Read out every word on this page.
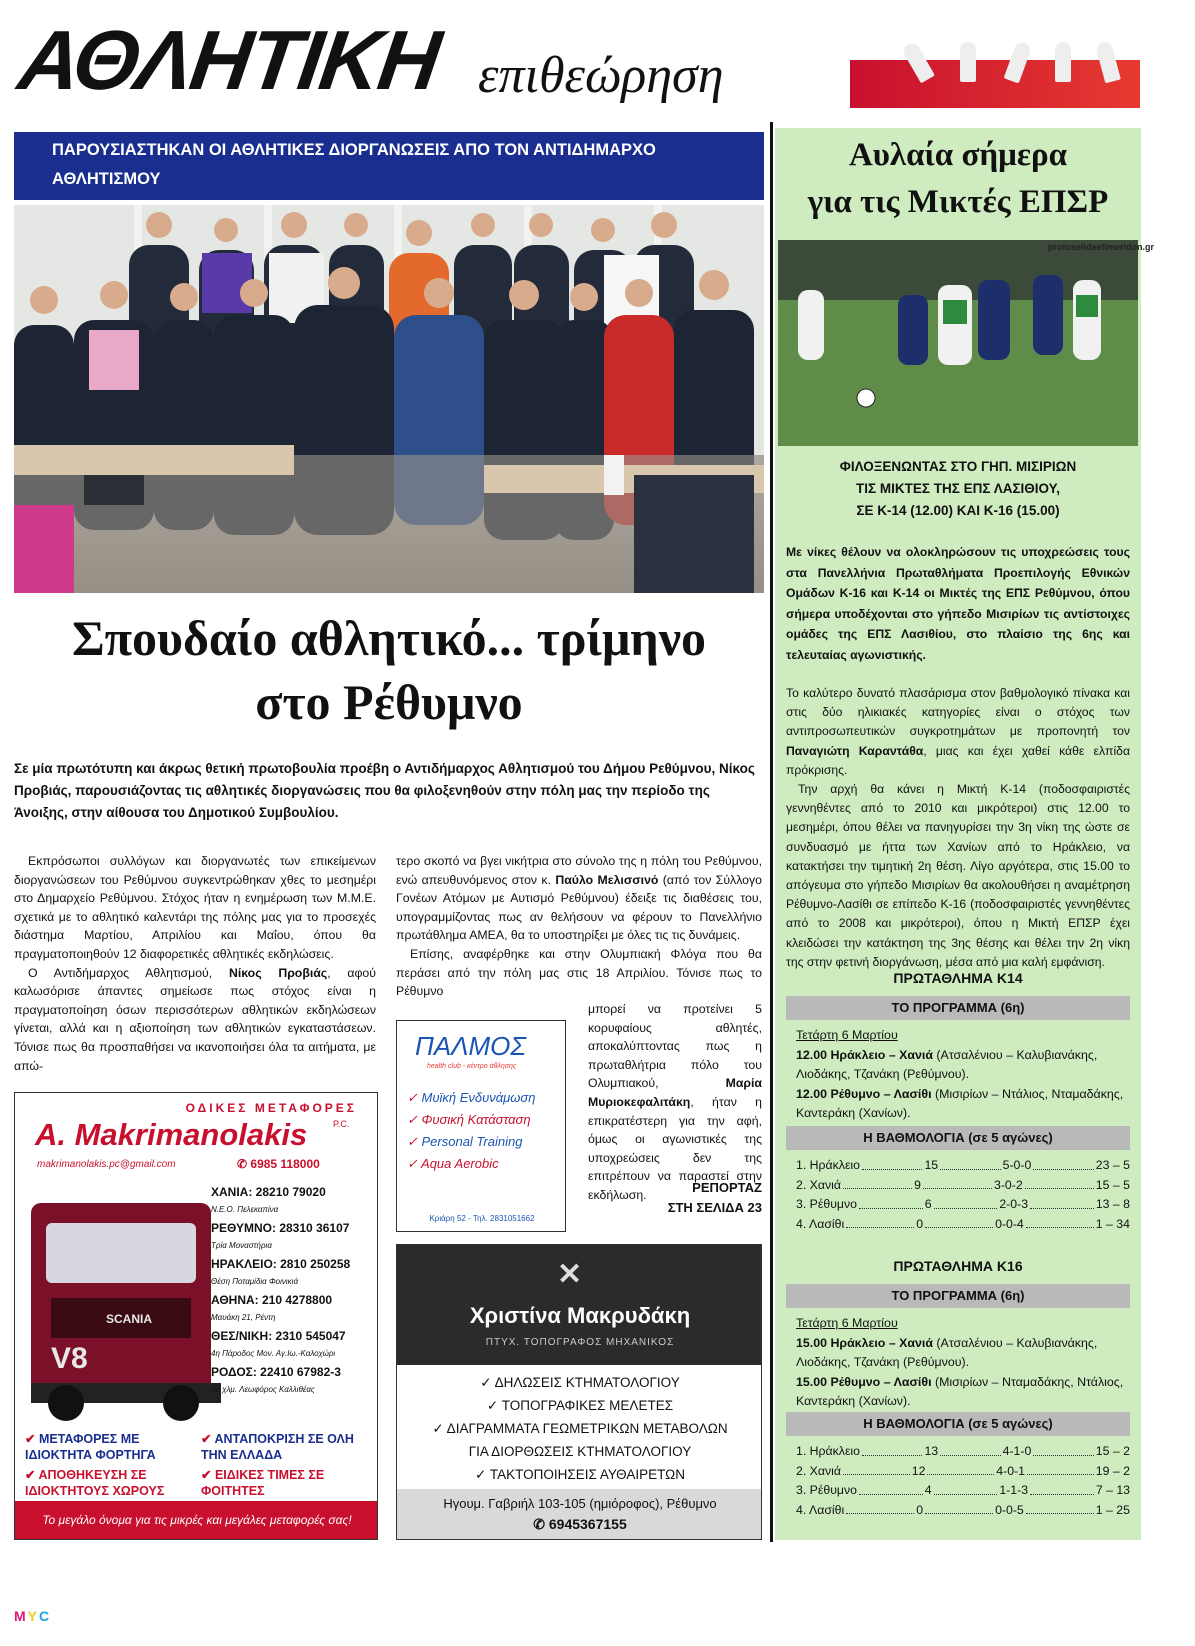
ΑΘΛΗΤΙΚΗ επιθεώρηση
ΠΑΡΟΥΣΙΑΣΤΗΚΑΝ ΟΙ ΑΘΛΗΤΙΚΕΣ ΔΙΟΡΓΑΝΩΣΕΙΣ ΑΠΟ ΤΟΝ ΑΝΤΙΔΗΜΑΡΧΟ ΑΘΛΗΤΙΣΜΟΥ
Σπουδαίο αθλητικό... τρίμηνο
στο Ρέθυμνο
Σε μία πρωτότυπη και άκρως θετική πρωτοβουλία προέβη ο Αντιδήμαρχος Αθλητισμού του Δήμου Ρεθύμνου, Νίκος Προβιάς, παρουσιάζοντας τις αθλητικές διοργανώσεις που θα φιλοξενηθούν στην πόλη μας την περίοδο της Άνοιξης, στην αίθουσα του Δημοτικού Συμβουλίου.
Εκπρόσωποι συλλόγων και διοργανωτές των επικείμενων διοργανώσεων του Ρεθύμνου συγκεντρώθηκαν χθες το μεσημέρι στο Δημαρχείο Ρεθύμνου. Στόχος ήταν η ενημέρωση των Μ.Μ.Ε. σχετικά με το αθλητικό καλεντάρι της πόλης μας για το προσεχές διάστημα Μαρτίου, Απριλίου και Μαΐου, όπου θα πραγματοποιηθούν 12 διαφορετικές αθλητικές εκδηλώσεις.
Ο Αντιδήμαρχος Αθλητισμού, Νίκος Προβιάς, αφού καλωσόρισε άπαντες σημείωσε πως στόχος είναι η πραγματοποίηση όσων περισσότερων αθλητικών εκδηλώσεων γίνεται, αλλά και η αξιοποίηση των αθλητικών εγκαταστάσεων. Τόνισε πως θα προσπαθήσει να ικανοποιήσει όλα τα αιτήματα, με απώ-
τερο σκοπό να βγει νικήτρια στο σύνολο της η πόλη του Ρεθύμνου, ενώ απευθυνόμενος στον κ. Παύλο Μελισσινό (από τον Σύλλογο Γονέων Ατόμων με Αυτισμό Ρεθύμνου) έδειξε τις διαθέσεις του, υπογραμμίζοντας πως αν θελήσουν να φέρουν το Πανελλήνιο πρωτάθλημα ΑΜΕΑ, θα το υποστηρίξει με όλες τις τις δυνάμεις.
Επίσης, αναφέρθηκε και στην Ολυμπιακή Φλόγα που θα περάσει από την πόλη μας στις 18 Απριλίου. Τόνισε πως το Ρέθυμνο
μπορεί να προτείνει 5 κορυφαίους αθλητές, αποκαλύπτοντας πως η πρωταθλήτρια πόλο του Ολυμπιακού, Μαρία Μυριοκεφαλιτάκη, ήταν η επικρατέστερη για την αφή, όμως οι αγωνιστικές της υποχρεώσεις δεν της επιτρέπουν να παραστεί στην εκδήλωση.	ΡΕΠΟΡΤΑΖ
ΣΤΗ ΣΕΛΙΔΑ 23
ΟΔΙΚΕΣ ΜΕΤΑΦΟΡΕΣ
A. Makrimanolakis	P.C.
makrimanolakis.pc@gmail.com	✆ 6985 118000
SCANIA
V8
ΧΑΝΙΑ: 28210 79020
Ν.Ε.Ο. Πελεκαπίνα
ΡΕΘΥΜΝΟ: 28310 36107
Τρία Μοναστήρια
ΗΡΑΚΛΕΙΟ: 2810 250258
Θέση Ποταμίδια Φοινικιά
ΑΘΗΝΑ: 210 4278800
Μαυάκη 21, Ρέντη
ΘΕΣ/ΝΙΚΗ: 2310 545047
4η Πάροδος Μον. Αγ.Ιω.-Καλοχώρι
ΡΟΔΟΣ: 22410 67982-3
3ο χλμ. Λεωφόρος Καλλιθέας
✔ ΜΕΤΑΦΟΡΕΣ ΜΕ ΙΔΙΟΚΤΗΤΑ ΦΟΡΤΗΓΑ
✔ ΑΝΤΑΠΟΚΡΙΣΗ ΣΕ ΟΛΗ ΤΗΝ ΕΛΛΑΔΑ
✔ ΑΠΟΘΗΚΕΥΣΗ ΣΕ ΙΔΙΟΚΤΗΤΟΥΣ ΧΩΡΟΥΣ
✔ ΕΙΔΙΚΕΣ ΤΙΜΕΣ ΣΕ ΦΟΙΤΗΤΕΣ
Το μεγάλο όνομα για τις μικρές και μεγάλες μεταφορές σας!
ΠΑΛΜΟΣ
health club - κέντρο άθλησης
✓ Μυϊκή Ενδυνάμωση
✓ Φυσική Κατάσταση
✓ Personal Training
✓ Aqua Aerobic
Κριάρη 52 - Τηλ. 2831051662
✕
Χριστίνα Μακρυδάκη
ΠΤΥΧ. ΤΟΠΟΓΡΑΦΟΣ ΜΗΧΑΝΙΚΟΣ
✓ ΔΗΛΩΣΕΙΣ ΚΤΗΜΑΤΟΛΟΓΙΟΥ
✓ ΤΟΠΟΓΡΑΦΙΚΕΣ ΜΕΛΕΤΕΣ
✓ ΔΙΑΓΡΑΜΜΑΤΑ ΓΕΩΜΕΤΡΙΚΩΝ ΜΕΤΑΒΟΛΩΝ
ΓΙΑ ΔΙΟΡΘΩΣΕΙΣ ΚΤΗΜΑΤΟΛΟΓΙΟΥ
✓ ΤΑΚΤΟΠΟΙΗΣΕΙΣ ΑΥΘΑΙΡΕΤΩΝ
Ηγουμ. Γαβριήλ 103-105 (ημιόροφος), Ρέθυμνο
✆ 6945367155
Αυλαία σήμερα
για τις Μικτές ΕΠΣΡ
protoselidaefimeridon.gr
ΦΙΛΟΞΕΝΩΝΤΑΣ ΣΤΟ ΓΗΠ. ΜΙΣΙΡΙΩΝ
ΤΙΣ ΜΙΚΤΕΣ ΤΗΣ ΕΠΣ ΛΑΣΙΘΙΟΥ,
ΣΕ Κ-14 (12.00) ΚΑΙ Κ-16 (15.00)
Με νίκες θέλουν να ολοκληρώσουν τις υποχρεώσεις τους στα Πανελλήνια Πρωταθλήματα Προεπιλογής Εθνικών Ομάδων Κ-16 και Κ-14 οι Μικτές της ΕΠΣ Ρεθύμνου, όπου σήμερα υποδέχονται στο γήπεδο Μισιρίων τις αντίστοιχες ομάδες της ΕΠΣ Λασιθίου, στο πλαίσιο της 6ης και τελευταίας αγωνιστικής.
Το καλύτερο δυνατό πλασάρισμα στον βαθμολογικό πίνακα και στις δύο ηλικιακές κατηγορίες είναι ο στόχος των αντιπροσωπευτικών συγκροτημάτων με προπονητή τον Παναγιώτη Καραντάθα, μιας και έχει χαθεί κάθε ελπίδα πρόκρισης.
Την αρχή θα κάνει η Μικτή Κ-14 (ποδοσφαιριστές γεννηθέντες από το 2010 και μικρότεροι) στις 12.00 το μεσημέρι, όπου θέλει να πανηγυρίσει την 3η νίκη της ώστε σε συνδυασμό με ήττα των Χανίων από το Ηράκλειο, να κατακτήσει την τιμητική 2η θέση. Λίγο αργότερα, στις 15.00 το απόγευμα στο γήπεδο Μισιρίων θα ακολουθήσει η αναμέτρηση Ρέθυμνο-Λασίθι σε επίπεδο Κ-16 (ποδοσφαιριστές γεννηθέντες από το 2008 και μικρότεροι), όπου η Μικτή ΕΠΣΡ έχει κλειδώσει την κατάκτηση της 3ης θέσης και θέλει την 2η νίκη της στην φετινή διοργάνωση, μέσα από μια καλή εμφάνιση.
ΠΡΩΤΑΘΛΗΜΑ Κ14
ΤΟ ΠΡΟΓΡΑΜΜΑ (6η)
Τετάρτη 6 Μαρτίου
12.00 Ηράκλειο – Χανιά (Ατσαλένιου – Καλυβιανάκης, Λιοδάκης, Τζανάκη (Ρεθύμνου).
12.00 Ρέθυμνο – Λασίθι (Μισιρίων – Ντάλιος, Νταμαδάκης, Καντεράκη (Χανίων).
Η ΒΑΘΜΟΛΟΓΙΑ (σε 5 αγώνες)
1. Ηράκλειο	15	5-0-0	23 – 5
2. Χανιά	9	3-0-2	15 – 5
3. Ρέθυμνο	6	2-0-3	13 – 8
4. Λασίθι	0	0-0-4	1 – 34
ΠΡΩΤΑΘΛΗΜΑ Κ16
ΤΟ ΠΡΟΓΡΑΜΜΑ (6η)
Τετάρτη 6 Μαρτίου
15.00 Ηράκλειο – Χανιά (Ατσαλένιου – Καλυβιανάκης, Λιοδάκης, Τζανάκη (Ρεθύμνου).
15.00 Ρέθυμνο – Λασίθι (Μισιρίων – Νταμαδάκης, Ντάλιος, Καντεράκη (Χανίων).
Η ΒΑΘΜΟΛΟΓΙΑ (σε 5 αγώνες)
1. Ηράκλειο	13	4-1-0	15 – 2
2. Χανιά	12	4-0-1	19 – 2
3. Ρέθυμνο	4	1-1-3	7 – 13
4. Λασίθι	0	0-0-5	1 – 25
MYC
